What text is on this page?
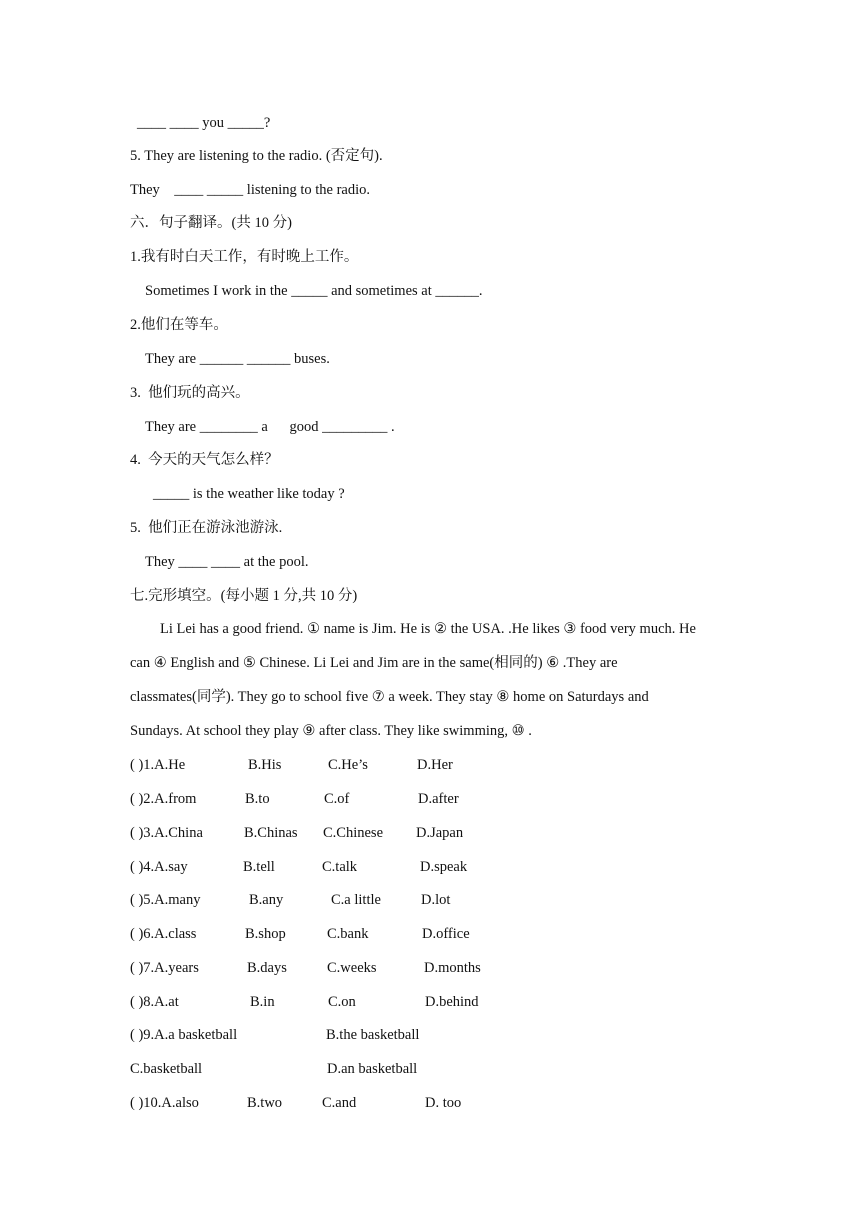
____ ____ you _____?
5. They are listening to the radio. (否定句).
They    ____ _____ listening to the radio.
六．句子翻译。(共 10 分)
1.我有时白天工作，有时晚上工作。
Sometimes I work in the _____ and sometimes at ______.
2.他们在等车。
They are ______ ______ buses.
3.  他们玩的高兴。
They are ________ a      good _________ .
4.  今天的天气怎么样？
_____ is the weather like today ?
5.  他们正在游泳池游泳.
They ____ ____ at the pool.
七.完形填空。(每小题 1 分,共 10 分)
Li Lei has a good friend. ① name is Jim. He is ② the USA. .He likes ③ food very much. He
can ④ English and ⑤ Chinese. Li Lei and Jim are in the same(相同的) ⑥ .They are
classmates(同学). They go to school five ⑦ a week. They stay ⑧ home on Saturdays and
Sundays. At school they play ⑨ after class. They like swimming, ⑩ .
( )1.A.He	B.His	C.He’s	D.Her
( )2.A.from	B.to	C.of	D.after
( )3.A.China	B.Chinas C.Chinese D.Japan
( )4.A.say	B.tell	C.talk	D.speak
( )5.A.many	B.any	C.a little	D.lot
( )6.A.class	B.shop	C.bank	D.office
( )7.A.years	B.days	C.weeks	D.months
( )8.A.at	B.in	C.on	D.behind
( )9.A.a basketball	B.the basketball
C.basketball	D.an basketball
( )10.A.also	B.two	C.and	D. too
